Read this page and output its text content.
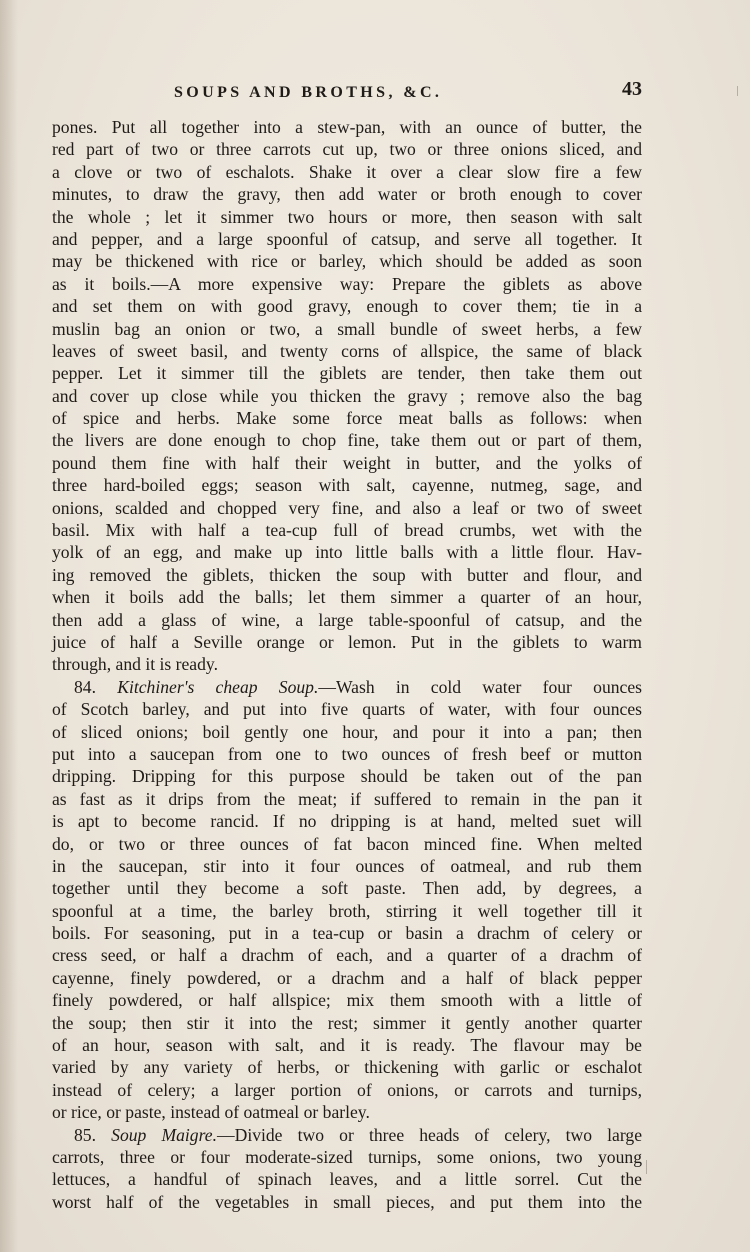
SOUPS AND BROTHS, &C.	43
pones. Put all together into a stew-pan, with an ounce of butter, the
red part of two or three carrots cut up, two or three onions sliced, and
a clove or two of eschalots. Shake it over a clear slow fire a few
minutes, to draw the gravy, then add water or broth enough to cover
the whole ; let it simmer two hours or more, then season with salt
and pepper, and a large spoonful of catsup, and serve all together. It
may be thickened with rice or barley, which should be added as soon
as it boils.—A more expensive way: Prepare the giblets as above
and set them on with good gravy, enough to cover them; tie in a
muslin bag an onion or two, a small bundle of sweet herbs, a few
leaves of sweet basil, and twenty corns of allspice, the same of black
pepper. Let it simmer till the giblets are tender, then take them out
and cover up close while you thicken the gravy ; remove also the bag
of spice and herbs. Make some force meat balls as follows: when
the livers are done enough to chop fine, take them out or part of them,
pound them fine with half their weight in butter, and the yolks of
three hard-boiled eggs; season with salt, cayenne, nutmeg, sage, and
onions, scalded and chopped very fine, and also a leaf or two of sweet
basil. Mix with half a tea-cup full of bread crumbs, wet with the
yolk of an egg, and make up into little balls with a little flour. Hav-
ing removed the giblets, thicken the soup with butter and flour, and
when it boils add the balls; let them simmer a quarter of an hour,
then add a glass of wine, a large table-spoonful of catsup, and the
juice of half a Seville orange or lemon. Put in the giblets to warm
through, and it is ready.
84. Kitchiner's cheap Soup.—Wash in cold water four ounces
of Scotch barley, and put into five quarts of water, with four ounces
of sliced onions; boil gently one hour, and pour it into a pan; then
put into a saucepan from one to two ounces of fresh beef or mutton
dripping. Dripping for this purpose should be taken out of the pan
as fast as it drips from the meat; if suffered to remain in the pan it
is apt to become rancid. If no dripping is at hand, melted suet will
do, or two or three ounces of fat bacon minced fine. When melted
in the saucepan, stir into it four ounces of oatmeal, and rub them
together until they become a soft paste. Then add, by degrees, a
spoonful at a time, the barley broth, stirring it well together till it
boils. For seasoning, put in a tea-cup or basin a drachm of celery or
cress seed, or half a drachm of each, and a quarter of a drachm of
cayenne, finely powdered, or a drachm and a half of black pepper
finely powdered, or half allspice; mix them smooth with a little of
the soup; then stir it into the rest; simmer it gently another quarter
of an hour, season with salt, and it is ready. The flavour may be
varied by any variety of herbs, or thickening with garlic or eschalot
instead of celery; a larger portion of onions, or carrots and turnips,
or rice, or paste, instead of oatmeal or barley.
85. Soup Maigre.—Divide two or three heads of celery, two large
carrots, three or four moderate-sized turnips, some onions, two young
lettuces, a handful of spinach leaves, and a little sorrel. Cut the
worst half of the vegetables in small pieces, and put them into the
